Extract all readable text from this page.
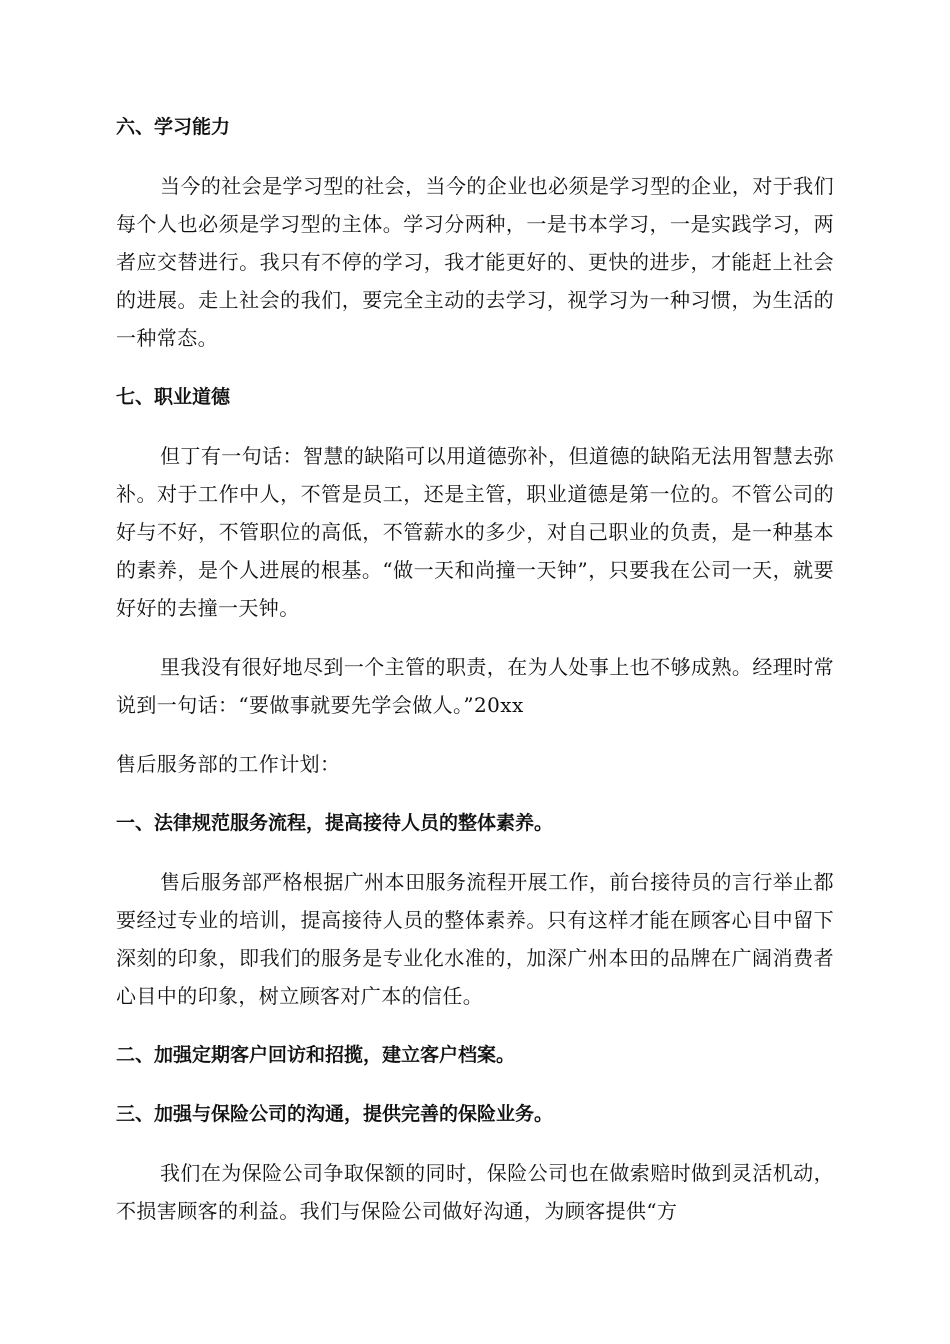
六、学习能力
当今的社会是学习型的社会，当今的企业也必须是学习型的企业，对于我们每个人也必须是学习型的主体。学习分两种，一是书本学习，一是实践学习，两者应交替进行。我只有不停的学习，我才能更好的、更快的进步，才能赶上社会的进展。走上社会的我们，要完全主动的去学习，视学习为一种习惯，为生活的一种常态。
七、职业道德
但丁有一句话：智慧的缺陷可以用道德弥补，但道德的缺陷无法用智慧去弥补。对于工作中人，不管是员工，还是主管，职业道德是第一位的。不管公司的好与不好，不管职位的高低，不管薪水的多少，对自己职业的负责，是一种基本的素养，是个人进展的根基。“做一天和尚撞一天钟”，只要我在公司一天，就要好好的去撞一天钟。
里我没有很好地尽到一个主管的职责，在为人处事上也不够成熟。经理时常说到一句话：“要做事就要先学会做人。”20xx
售后服务部的工作计划：
一、法律规范服务流程，提高接待人员的整体素养。
售后服务部严格根据广州本田服务流程开展工作，前台接待员的言行举止都要经过专业的培训，提高接待人员的整体素养。只有这样才能在顾客心目中留下深刻的印象，即我们的服务是专业化水准的，加深广州本田的品牌在广阔消费者心目中的印象，树立顾客对广本的信任。
二、加强定期客户回访和招揽，建立客户档案。
三、加强与保险公司的沟通，提供完善的保险业务。
我们在为保险公司争取保额的同时，保险公司也在做索赔时做到灵活机动，不损害顾客的利益。我们与保险公司做好沟通，为顾客提供“方
